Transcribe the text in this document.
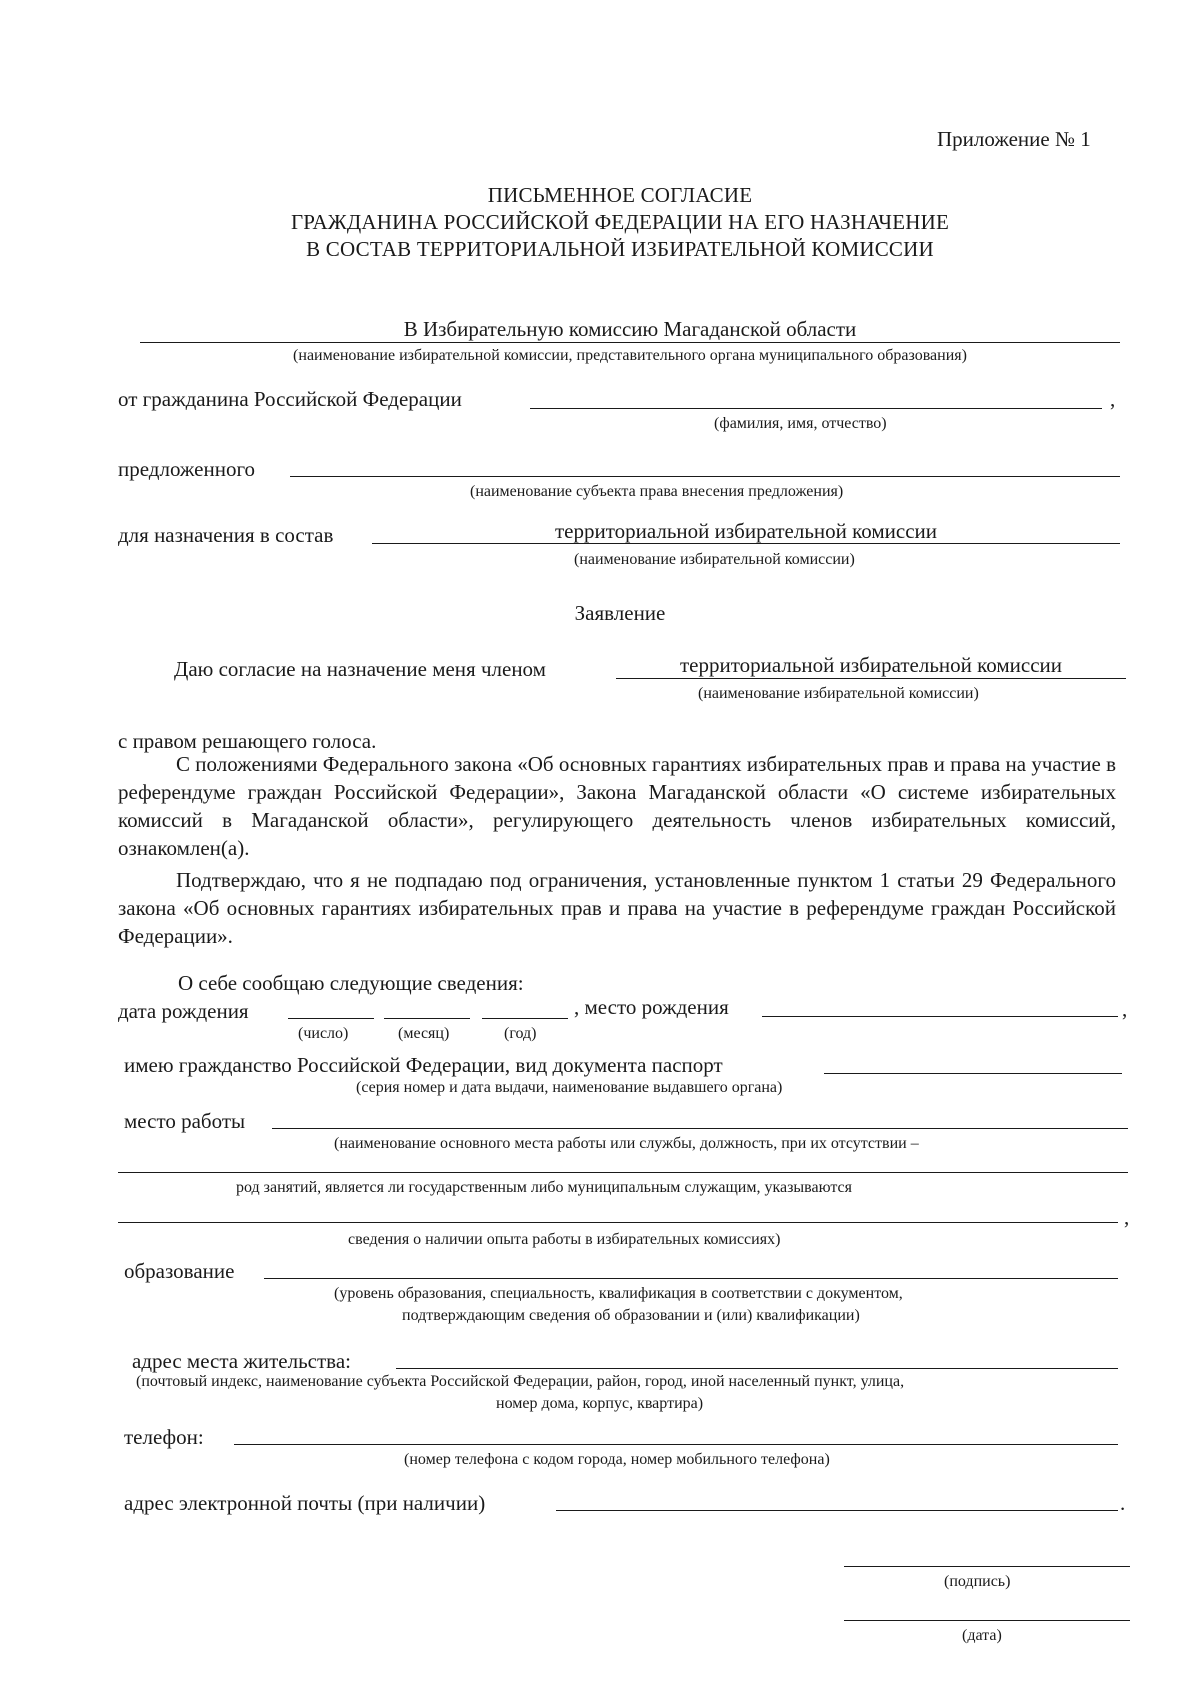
Приложение № 1
ПИСЬМЕННОЕ СОГЛАСИЕ
ГРАЖДАНИНА РОССИЙСКОЙ ФЕДЕРАЦИИ НА ЕГО НАЗНАЧЕНИЕ
В СОСТАВ ТЕРРИТОРИАЛЬНОЙ ИЗБИРАТЕЛЬНОЙ КОМИССИИ
В Избирательную комиссию Магаданской области
(наименование избирательной комиссии, представительного органа муниципального образования)
от гражданина Российской Федерации	,
(фамилия, имя, отчество)
предложенного
(наименование субъекта права внесения предложения)
для назначения в состав	территориальной избирательной комиссии
(наименование избирательной комиссии)
Заявление
Даю согласие на назначение меня членом	территориальной избирательной комиссии
(наименование избирательной комиссии)
с правом решающего голоса.
С положениями Федерального закона «Об основных гарантиях избирательных прав и права на участие в референдуме граждан Российской Федерации», Закона Магаданской области «О системе избирательных комиссий в Магаданской области», регулирующего деятельность членов избирательных комиссий, ознакомлен(а).
Подтверждаю, что я не подпадаю под ограничения, установленные пунктом 1 статьи 29 Федерального закона «Об основных гарантиях избирательных прав и права на участие в референдуме граждан Российской Федерации».
О себе сообщаю следующие сведения:
дата рождения	, место рождения	,
(число)	(месяц)	(год)
имею гражданство Российской Федерации, вид документа паспорт
(серия номер и дата выдачи, наименование выдавшего органа)
место работы
(наименование основного места работы или службы, должность, при их отсутствии –
род занятий, является ли государственным либо муниципальным служащим, указываются
,
сведения о наличии опыта работы в избирательных комиссиях)
образование
(уровень образования, специальность, квалификация в соответствии с документом,
подтверждающим сведения об образовании и (или) квалификации)
адрес места жительства:
(почтовый индекс, наименование субъекта Российской Федерации, район, город, иной населенный пункт, улица,
номер дома, корпус, квартира)
телефон:
(номер телефона с кодом города, номер мобильного телефона)
адрес электронной почты (при наличии)	.
(подпись)
(дата)
